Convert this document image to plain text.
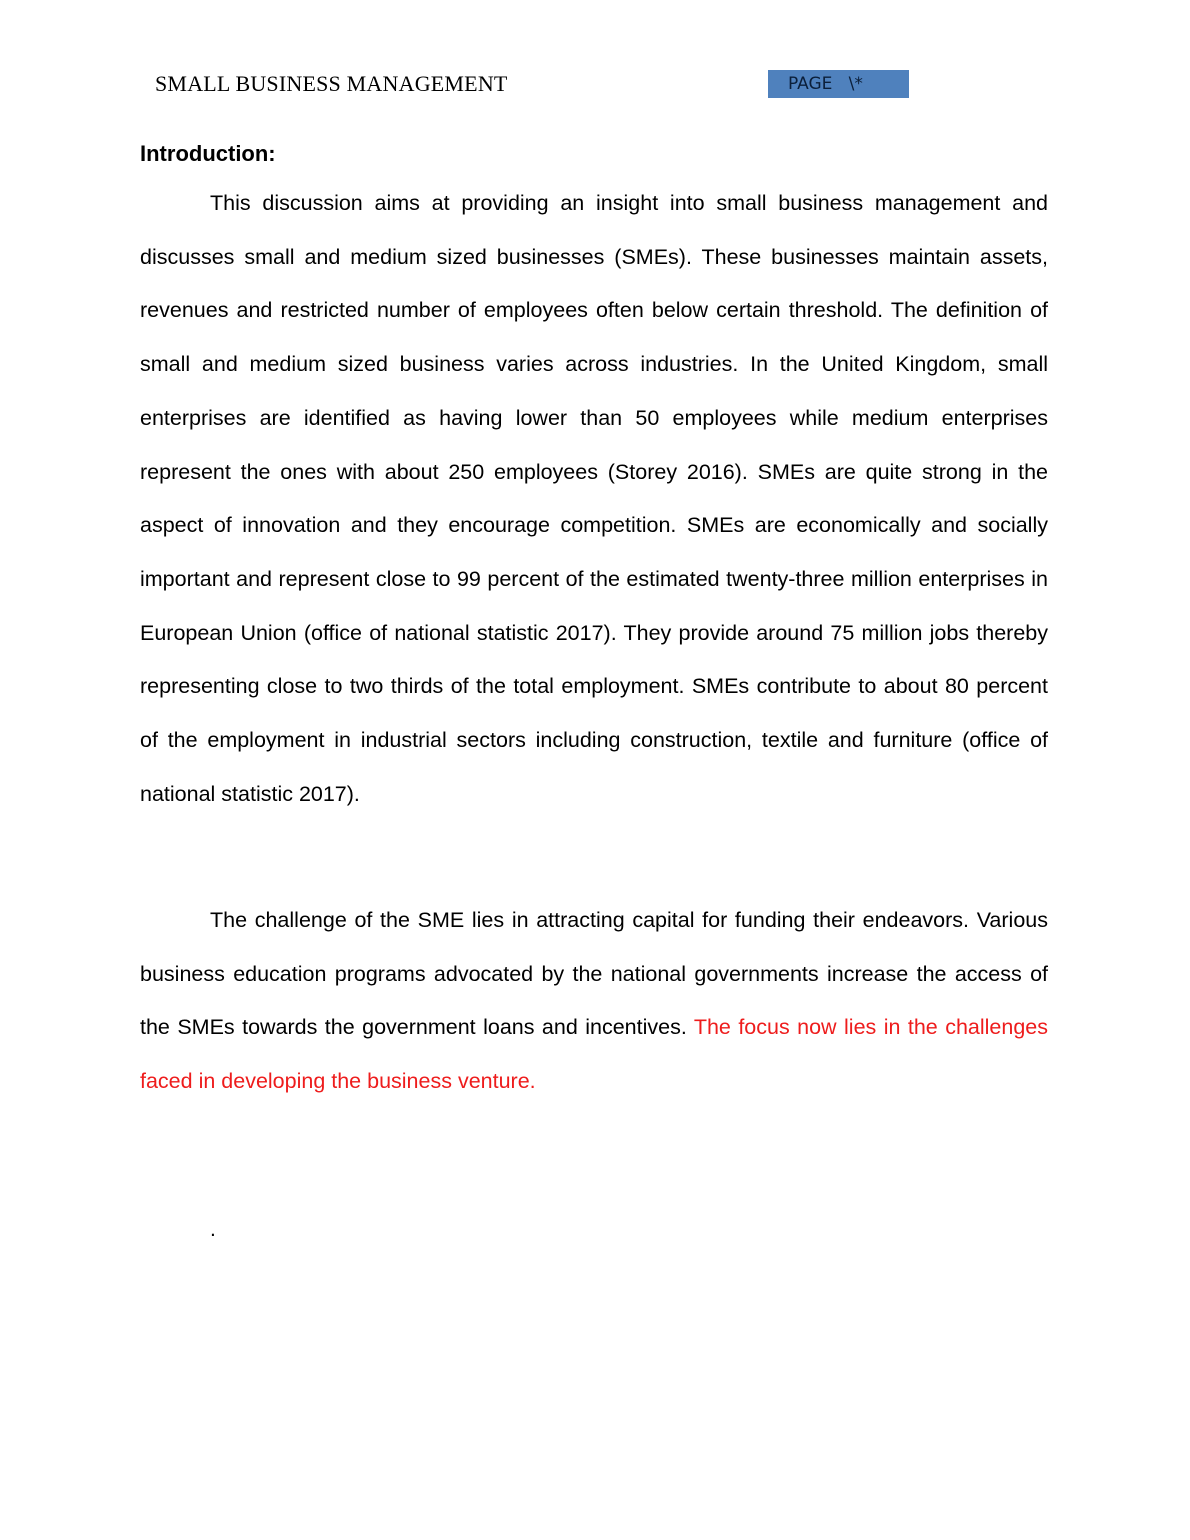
SMALL BUSINESS MANAGEMENT	PAGE   \*
Introduction:

This discussion aims at providing an insight into small business management and discusses small and medium sized businesses (SMEs). These businesses maintain assets, revenues and restricted number of employees often below certain threshold. The definition of small and medium sized business varies across industries. In the United Kingdom, small enterprises are identified as having lower than 50 employees while medium enterprises represent the ones with about 250 employees (Storey 2016). SMEs are quite strong in the aspect of innovation and they encourage competition. SMEs are economically and socially important and represent close to 99 percent of the estimated twenty-three million enterprises in European Union (office of national statistic 2017). They provide around 75 million jobs thereby representing close to two thirds of the total employment. SMEs contribute to about 80 percent of the employment in industrial sectors including construction, textile and furniture (office of national statistic 2017).

The challenge of the SME lies in attracting capital for funding their endeavors. Various business education programs advocated by the national governments increase the access of the SMEs towards the government loans and incentives. The focus now lies in the challenges faced in developing the business venture.

.
